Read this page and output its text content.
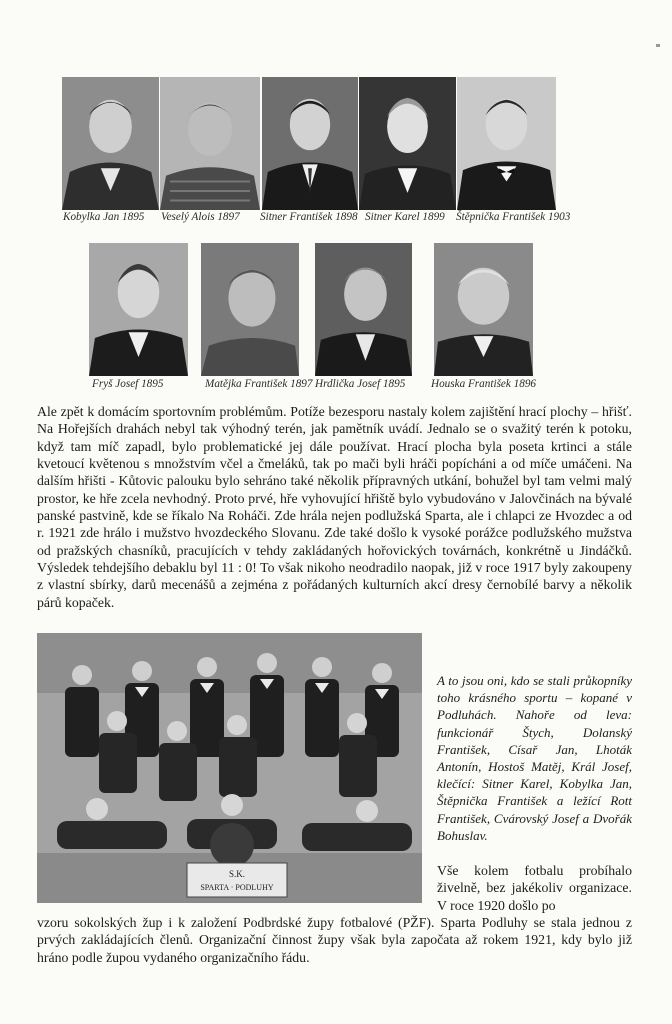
Kobylka Jan 1895 Veselý Alois 1897 Sitner František 1898 Sitner Karel 1899 Štěpnička František 1903
Fryš Josef 1895	Matějka František 1897 Hrdlička Josef 1895 Houska František 1896

Ale zpět k domácím sportovním problémům. Potíže bezesporu nastaly kolem zajištění hrací plochy – hřišť. Na Hořejších drahách nebyl tak výhodný terén, jak pamětník uvádí. Jednalo se o svažitý terén k potoku, když tam míč zapadl, bylo problematické jej dále používat. Hrací plocha byla poseta krtinci a stále kvetoucí květenou s množstvím včel a čmeláků, tak po mači byli hráči popícháni a od míče umáčeni. Na dalším hřišti - Kůtovic palouku bylo sehráno také několik přípravných utkání, bohužel byl tam velmi malý prostor, ke hře zcela nevhodný. Proto prvé, hře vyhovující hřiště bylo vybudováno v Jalovčinách na bývalé panské pastvině, kde se říkalo Na Roháči. Zde hrála nejen podlužská Sparta, ale i chlapci ze Hvozdec a od r. 1921 zde hrálo i mužstvo hvozdeckého Slovanu. Zde také došlo k vysoké porážce podlužského mužstva od pražských chasníků, pracujících v tehdy zakládaných hořovických továrnách, konkrétně u Jindáčků. Výsledek tehdejšího debaklu byl 11 : 0! To však nikoho neodradilo naopak, již v roce 1917 byly zakoupeny z vlastní sbírky, darů mecenášů a zejména z pořádaných kulturních akcí dresy černobílé barvy a několik párů kopaček.

S.K.
SPARTA · PODLUHY

A to jsou oni, kdo se stali průkopníky toho krásného sportu – kopané v Podluhách. Nahoře od leva: funkcionář Štych, Dolanský František, Císař Jan, Lhoták Antonín, Hostoš Matěj, Král Josef, klečící: Sitner Karel, Kobylka Jan, Štěpnička František a ležící Rott František, Cvárovský Josef a Dvořák Bohuslav.

Vše kolem fotbalu probíhalo živelně, bez jakékoliv organizace. V roce 1920 došlo po

vzoru sokolských žup i k založení Podbrdské župy fotbalové (PŽF). Sparta Podluhy se stala jednou z prvých zakládajících členů. Organizační činnost župy však byla započata až rokem 1921, kdy bylo již hráno podle župou vydaného organizačního řádu.
